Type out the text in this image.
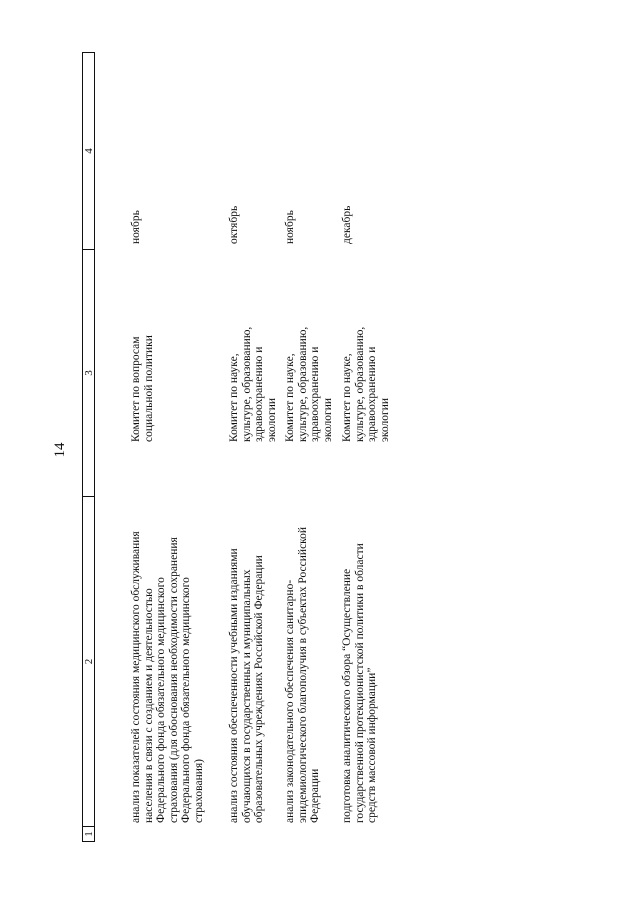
14
1
2
3
4
анализ показателей состояния медицинского обслуживания населения в связи с созданием и деятельностью Федерального фонда обязательного медицинского страхования (для обоснования необходимости сохранения Федерального фонда обязательного медицинского страхования)
Комитет по вопросам социальной политики
ноябрь
анализ состояния обеспеченности учебными изданиями обучающихся в государственных и муниципальных образовательных учреждениях Российской Федерации
Комитет по науке, культуре, образованию, здравоохранению и экологии
октябрь
анализ законодательного обеспечения санитарно-эпидемиологического благополучия в субъектах Российской Федерации
Комитет по науке, культуре, образованию, здравоохранению и экологии
ноябрь
подготовка аналитического обзора “Осуществление государственной протекционистской политики в области средств массовой информации”
Комитет по науке, культуре, образованию, здравоохранению и экологии
декабрь
